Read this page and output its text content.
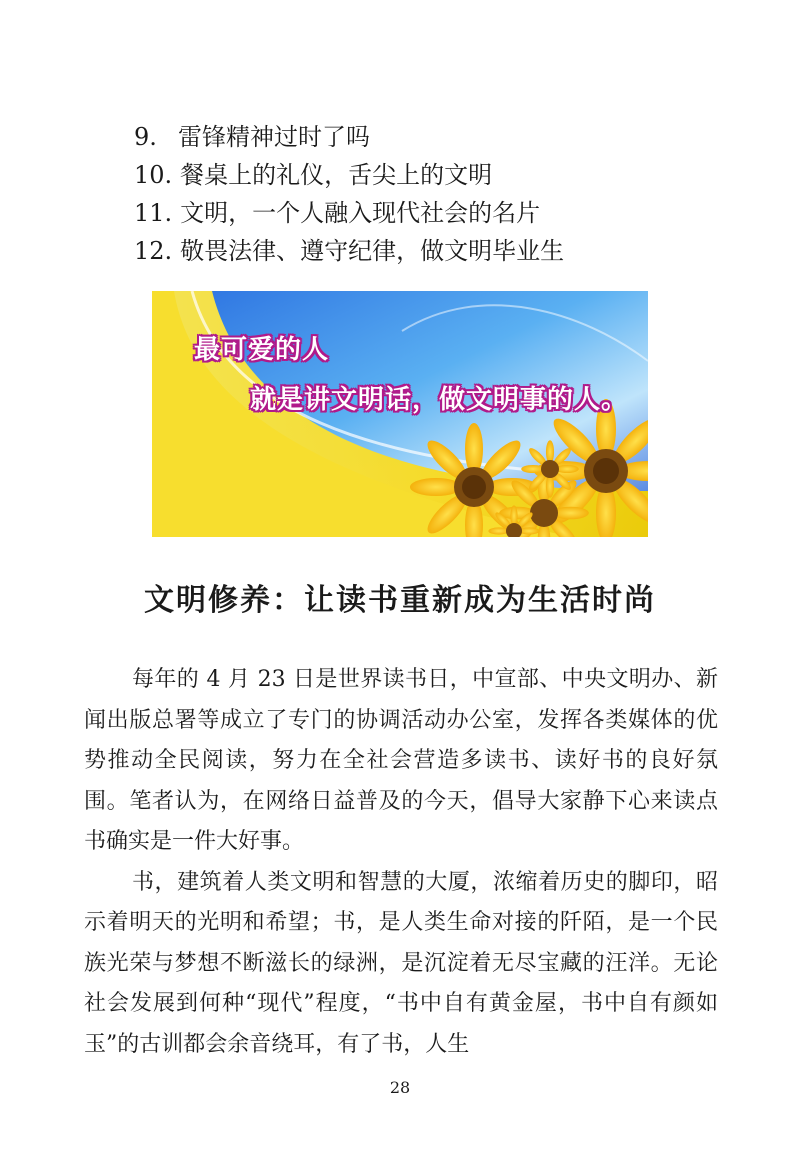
9. 雷锋精神过时了吗
10. 餐桌上的礼仪，舌尖上的文明
11. 文明，一个人融入现代社会的名片
12. 敬畏法律、遵守纪律，做文明毕业生
最可爱的人
就是讲文明话，做文明事的人。
文明修养：让读书重新成为生活时尚

每年的 4 月 23 日是世界读书日，中宣部、中央文明办、新闻出版总署等成立了专门的协调活动办公室，发挥各类媒体的优势推动全民阅读，努力在全社会营造多读书、读好书的良好氛围。笔者认为，在网络日益普及的今天，倡导大家静下心来读点书确实是一件大好事。

书，建筑着人类文明和智慧的大厦，浓缩着历史的脚印，昭示着明天的光明和希望；书，是人类生命对接的阡陌，是一个民族光荣与梦想不断滋长的绿洲，是沉淀着无尽宝藏的汪洋。无论社会发展到何种“现代”程度，“书中自有黄金屋，书中自有颜如玉”的古训都会余音绕耳，有了书，人生

28
